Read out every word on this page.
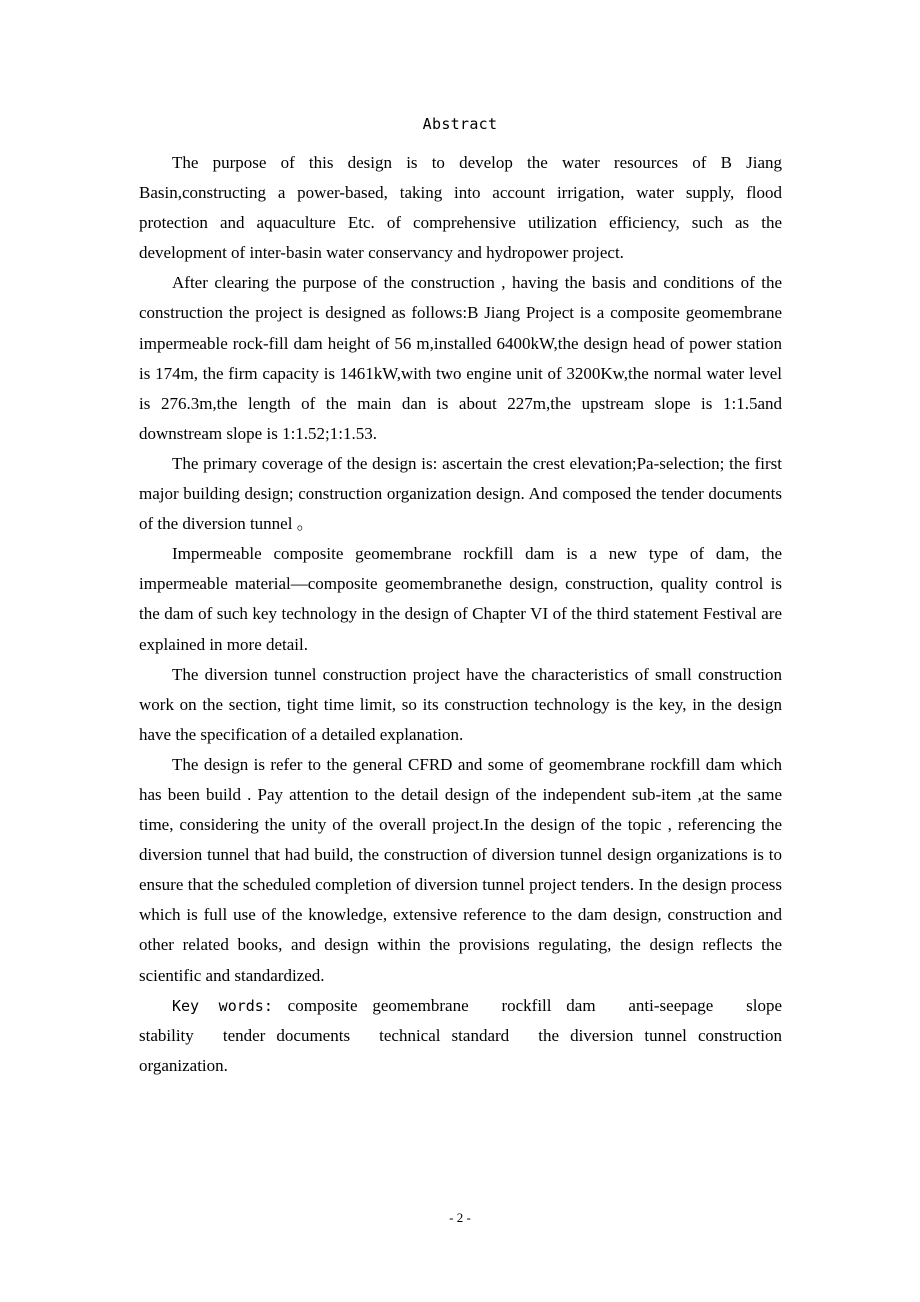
Abstract

The purpose of this design is to develop the water resources of B Jiang Basin,constructing a power-based, taking into account irrigation, water supply, flood protection and aquaculture Etc. of comprehensive utilization efficiency, such as the development of inter-basin water conservancy and hydropower project.

After clearing the purpose of the construction , having the basis and conditions of the construction the project is designed as follows:B Jiang Project is a composite geomembrane impermeable rock-fill dam height of 56 m,installed 6400kW,the design head of power station is 174m, the firm capacity is 1461kW,with two engine unit of 3200Kw,the normal water level is 276.3m,the length of the main dan is about 227m,the upstream slope is 1:1.5and downstream slope is 1:1.52;1:1.53.

The primary coverage of the design is: ascertain the crest elevation;Pa-selection; the first major building design; construction organization design. And composed the tender documents of the diversion tunnel 。

Impermeable composite geomembrane rockfill dam is a new type of dam, the impermeable material—composite geomembranethe design, construction, quality control is the dam of such key technology in the design of Chapter VI of the third statement Festival are explained in more detail.

The diversion tunnel construction project have the characteristics of small construction work on the section, tight time limit, so its construction technology is the key, in the design have the specification of a detailed explanation.

The design is refer to the general CFRD and some of geomembrane rockfill dam which has been build . Pay attention to the detail design of the independent sub-item ,at the same time, considering the unity of the overall project.In the design of the topic , referencing the diversion tunnel that had build, the construction of diversion tunnel design organizations is to ensure that the scheduled completion of diversion tunnel project tenders. In the design process which is full use of the knowledge, extensive reference to the dam design, construction and other related books, and design within the provisions regulating, the design reflects the scientific and standardized.

Key words: composite geomembrane rockfill dam anti-seepage slope stability tender documents technical standard the diversion tunnel construction organization.

- 2 -
